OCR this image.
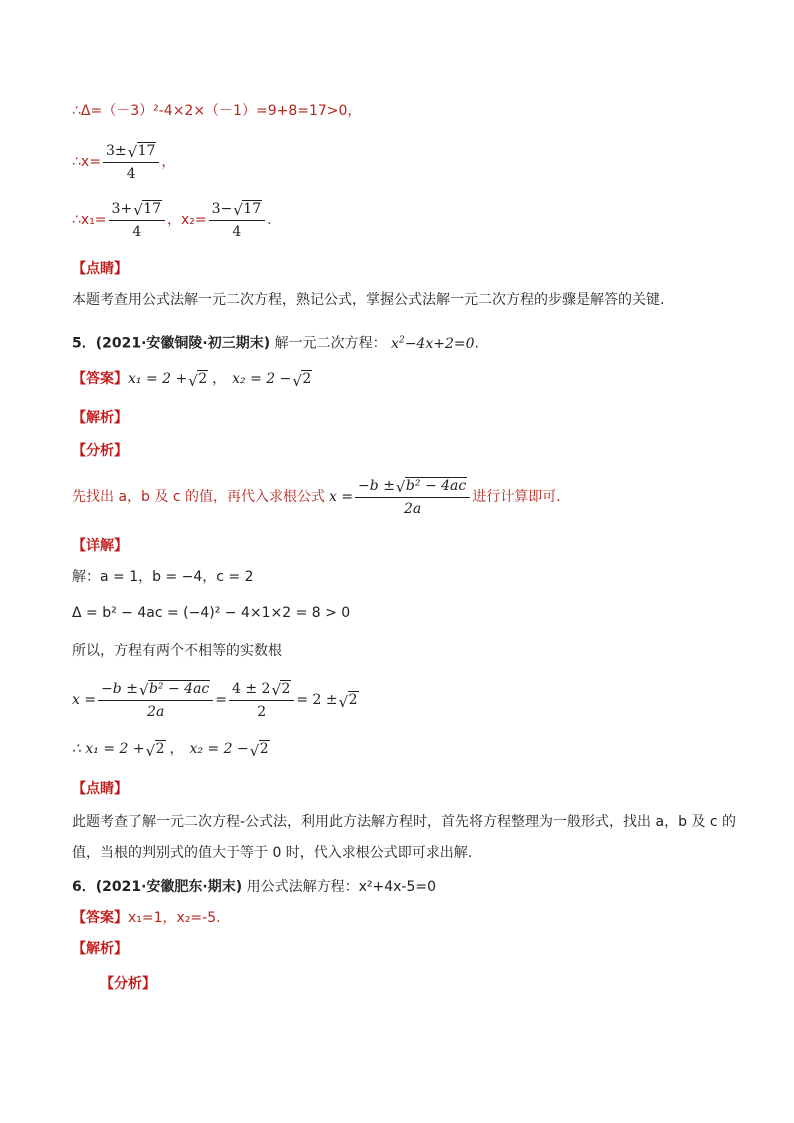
∴Δ=（－3）²-4×2×（－1）=9+8=17>0，
∴x= $\frac{3\pm √ 17}{4}$ ，
∴x₁= $\frac{3+ √ 17}{4}$ ，$x_2= \frac{3- √ 17}{4}$ .
【点睛】
本题考查用公式法解一元二次方程，熟记公式，掌握公式法解一元二次方程的步骤是解答的关键.
5．(2021·安徽铜陵·初三期末) 解一元二次方程： $x^2-4x+2=0$.
【答案】 x₁ = 2 + √ 2 ， x₂ = 2 − √ 2
【解析】
【分析】
先找出 a，b 及 c 的值，再代入求根公式 $x = \frac{\text{−b ± √ b² − 4ac}}{2a}$ 进行计算即可.
【详解】
解：a = 1，b = −4，c = 2
Δ = b² − 4ac = (−4)² − 4×1×2 = 8 > 0
所以，方程有两个不相等的实数根
$x = \frac{\text{−b ± √ b² − 4ac}}{2a} = \frac{4 \pm 2 √ 2}{2} = 2$ ± √ 2
∴ x₁ = 2 + √ 2 ， x₂ = 2 − √ 2
【点睛】
此题考查了解一元二次方程-公式法，利用此方法解方程时，首先将方程整理为一般形式，找出 a，b 及 c 的
值，当根的判别式的值大于等于 0 时，代入求根公式即可求出解.
6．(2021·安徽肥东·期末) 用公式法解方程：x²+4x-5=0
【答案】x₁=1，x₂=-5.
【解析】
【分析】
